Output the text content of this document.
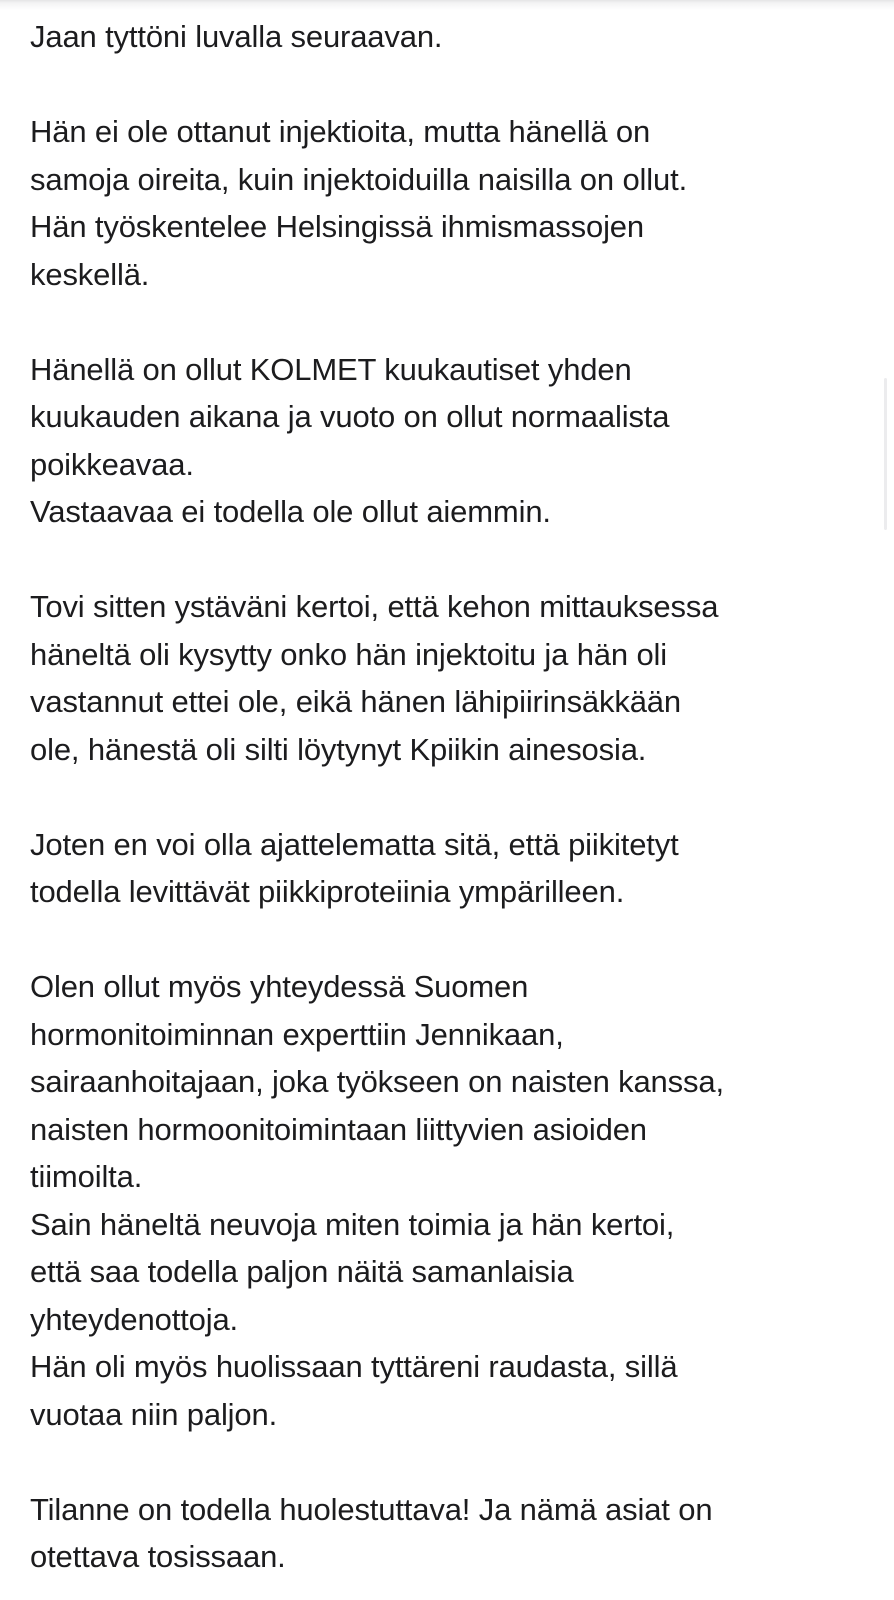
Jaan tyttöni luvalla seuraavan.
Hän ei ole ottanut injektioita, mutta hänellä on
samoja oireita, kuin injektoiduilla naisilla on ollut.
Hän työskentelee Helsingissä ihmismassojen
keskellä.
Hänellä on ollut KOLMET kuukautiset yhden
kuukauden aikana ja vuoto on ollut normaalista
poikkeavaa.
Vastaavaa ei todella ole ollut aiemmin.
Tovi sitten ystäväni kertoi, että kehon mittauksessa
häneltä oli kysytty onko hän injektoitu ja hän oli
vastannut ettei ole, eikä hänen lähipiirinsäkkään
ole, hänestä oli silti löytynyt Kpiikin ainesosia.
Joten en voi olla ajattelematta sitä, että piikitetyt
todella levittävät piikkiproteiinia ympärilleen.
Olen ollut myös yhteydessä Suomen
hormonitoiminnan experttiin Jennikaan,
sairaanhoitajaan, joka työkseen on naisten kanssa,
naisten hormoonitoimintaan liittyvien asioiden
tiimoilta.
Sain häneltä neuvoja miten toimia ja hän kertoi,
että saa todella paljon näitä samanlaisia
yhteydenottoja.
Hän oli myös huolissaan tyttäreni raudasta, sillä
vuotaa niin paljon.
Tilanne on todella huolestuttava! Ja nämä asiat on
otettava tosissaan.
